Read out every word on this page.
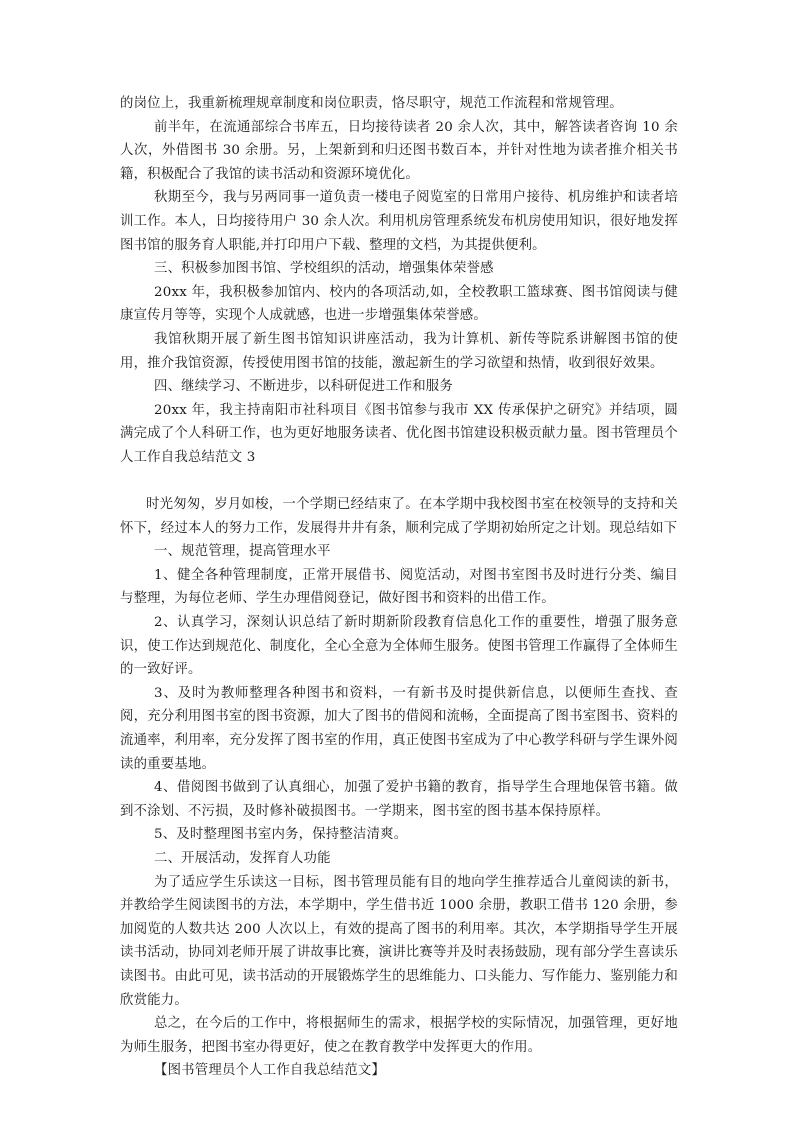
的岗位上，我重新梳理规章制度和岗位职责，恪尽职守，规范工作流程和常规管理。

前半年，在流通部综合书库五，日均接待读者 20 余人次，其中，解答读者咨询 10 余人次，外借图书 30 余册。另，上架新到和归还图书数百本，并针对性地为读者推介相关书籍，积极配合了我馆的读书活动和资源环境优化。

秋期至今，我与另两同事一道负责一楼电子阅览室的日常用户接待、机房维护和读者培训工作。本人，日均接待用户 30 余人次。利用机房管理系统发布机房使用知识，很好地发挥图书馆的服务育人职能,并打印用户下载、整理的文档，为其提供便利。

三、积极参加图书馆、学校组织的活动，增强集体荣誉感

20xx 年，我积极参加馆内、校内的各项活动,如，全校教职工篮球赛、图书馆阅读与健康宣传月等等，实现个人成就感，也进一步增强集体荣誉感。

我馆秋期开展了新生图书馆知识讲座活动，我为计算机、新传等院系讲解图书馆的使用，推介我馆资源，传授使用图书馆的技能，激起新生的学习欲望和热情，收到很好效果。

四、继续学习、不断进步，以科研促进工作和服务

20xx 年，我主持南阳市社科项目《图书馆参与我市 XX 传承保护之研究》并结项，圆满完成了个人科研工作，也为更好地服务读者、优化图书馆建设积极贡献力量。图书管理员个人工作自我总结范文 3

时光匆匆，岁月如梭，一个学期已经结束了。在本学期中我校图书室在校领导的支持和关怀下，经过本人的努力工作，发展得井井有条，顺利完成了学期初始所定之计划。现总结如下

一、规范管理，提高管理水平

1、健全各种管理制度，正常开展借书、阅览活动，对图书室图书及时进行分类、编目与整理，为每位老师、学生办理借阅登记，做好图书和资料的出借工作。

2、认真学习，深刻认识总结了新时期新阶段教育信息化工作的重要性，增强了服务意识，使工作达到规范化、制度化，全心全意为全体师生服务。使图书管理工作赢得了全体师生的一致好评。

3、及时为教师整理各种图书和资料，一有新书及时提供新信息，以便师生查找、查阅，充分利用图书室的图书资源，加大了图书的借阅和流畅，全面提高了图书室图书、资料的流通率，利用率，充分发挥了图书室的作用，真正使图书室成为了中心教学科研与学生课外阅读的重要基地。

4、借阅图书做到了认真细心，加强了爱护书籍的教育，指导学生合理地保管书籍。做到不涂划、不污损，及时修补破损图书。一学期来，图书室的图书基本保持原样。

5、及时整理图书室内务，保持整洁清爽。

二、开展活动，发挥育人功能

为了适应学生乐读这一目标，图书管理员能有目的地向学生推荐适合儿童阅读的新书，并教给学生阅读图书的方法，本学期中，学生借书近 1000 余册，教职工借书 120 余册，参加阅览的人数共达 200 人次以上，有效的提高了图书的利用率。其次，本学期指导学生开展读书活动，协同刘老师开展了讲故事比赛，演讲比赛等并及时表扬鼓励，现有部分学生喜读乐读图书。由此可见，读书活动的开展锻炼学生的思维能力、口头能力、写作能力、鉴别能力和欣赏能力。

总之，在今后的工作中，将根据师生的需求，根据学校的实际情况，加强管理，更好地为师生服务，把图书室办得更好，使之在教育教学中发挥更大的作用。

【图书管理员个人工作自我总结范文】
